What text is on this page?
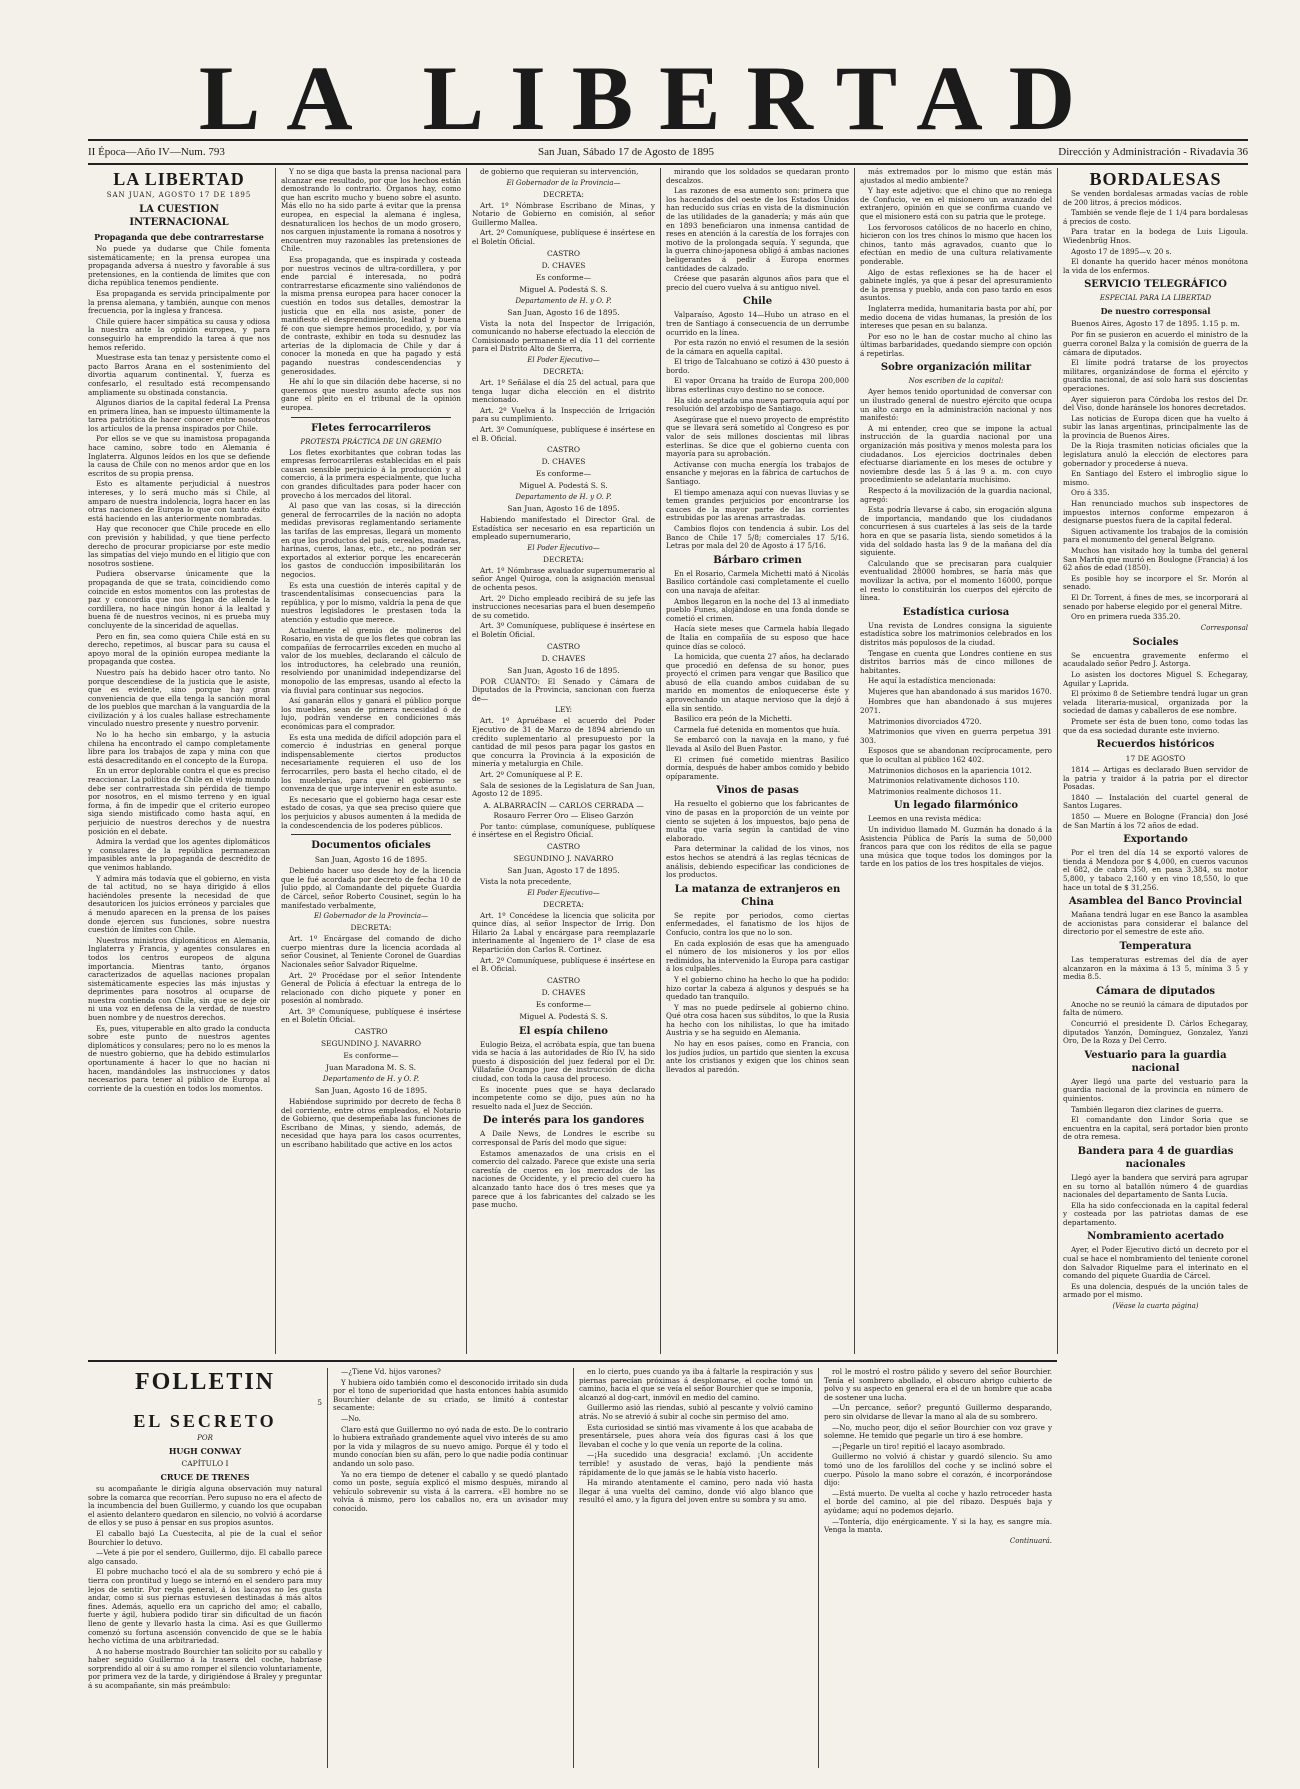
LA LIBERTAD
II Época—Año IV—Num. 793	San Juan, Sábado 17 de Agosto de 1895	Dirección y Administración - Rivadavia 36
LA LIBERTAD
SAN JUAN, AGOSTO 17 DE 1895
LA CUESTION INTERNACIONAL
Propaganda que debe contrarrestarse

No puede ya dudarse que Chile fomenta sistemáticamente; en la prensa europea una propaganda adversa á nuestro y favorable á sus pretensiones, en la contienda de límites que con dicha república tenemos pendiente.

Esa propaganda es servida principalmente por la prensa alemana, y también, aunque con menos frecuencia, por la inglesa y francesa.

Chile quiere hacer simpática su causa y odiosa la nuestra ante la opinión europea, y para conseguirlo ha emprendido la tarea á que nos hemos referido.

Muestrase esta tan tenaz y persistente como el pacto Barros Arana en el sostenimiento del divortia aquarum continental. Y, fuerza es confesarlo, el resultado está recompensando ampliamente su obstinada constancia.

Algunos diarios de la capital federal La Prensa en primera línea, han se impuesto últimamente la tarea patriótica de hacer conocer entre nosotros los artículos de la prensa inspirados por Chile.

Por ellos se ve que su inamistosa propaganda hace camino, sobre todo en Alemania é Inglaterra. Algunos leídos en los que se defiende la causa de Chile con no menos ardor que en los escritos de su propia prensa.

Esto es altamente perjudicial á nuestros intereses, y lo será mucho más si Chile, al amparo de nuestra indolencia, logra hacer en las otras naciones de Europa lo que con tanto éxito está haciendo en las anteriormente nombradas.

Hay que reconocer que Chile procede en ello con previsión y habilidad, y que tiene perfecto derecho de procurar propiciarse por este medio las simpatías del viejo mundo en el litigio que con nosotros sostiene.

Pudiera observarse únicamente que la propaganda de que se trata, coincidiendo como coincide en estos momentos con las protestas de paz y concordia que nos llegan de allende la cordillera, no hace ningún honor á la lealtad y buena fé de nuestros vecinos, ni es prueba muy concluyente de la sinceridad de aquellas.

Pero en fin, sea como quiera Chile está en su derecho, repetimos, al buscar para su causa el apoyo moral de la opinión europea mediante la propaganda que costea.

Nuestro país ha debido hacer otro tanto. No porque descendiese de la justicia que le asiste, que es evidente, sino porque hay gran conveniencia de que ella tenga la sanción moral de los pueblos que marchan á la vanguardia de la civilización y á los cuales hallase estrechamente vinculado nuestro presente y nuestro porvenir.

No lo ha hecho sin embargo, y la astucia chilena ha encontrado el campo completamente libre para los trabajos de zapa y mina con que está desacreditando en el concepto de la Europa.

En un error deplorable contra el que es preciso reaccionar. La política de Chile en el viejo mundo debe ser contrarrestada sin pérdida de tiempo por nosotros, en el mismo terreno y en igual forma, á fin de impedir que el criterio europeo siga siendo mistificado como hasta aquí, en perjuicio de nuestros derechos y de nuestra posición en el debate.

Admira la verdad que los agentes diplomáticos y consulares de la república permanezcan impasibles ante la propaganda de descrédito de que venimos hablando.

Y admira más todavía que el gobierno, en vista de tal actitud, no se haya dirigido á ellos haciéndoles presente la necesidad de que desautoricen los juicios erróneos y parciales que á menudo aparecen en la prensa de los países donde ejercen sus funciones, sobre nuestra cuestión de límites con Chile.

Nuestros ministros diplomáticos en Alemania, Inglaterra y Francia, y agentes consulares en todos los centros europeos de alguna importancia. Mientras tanto, órganos caracterizados de aquellas naciones propalan sistemáticamente especies las más injustas y deprimentes para nosotros al ocuparse de nuestra contienda con Chile, sin que se deje oir ni una voz en defensa de la verdad, de nuestro buen nombre y de nuestros derechos.

Es, pues, vituperable en alto grado la conducta sobre este punto de nuestros agentes diplomáticos y consulares; pero no lo es menos la de nuestro gobierno, que ha debido estimularlos oportunamente á hacer lo que no hacían ni hacen, mandándoles las instrucciones y datos necesarios para tener al público de Europa al corriente de la cuestión en todos los momentos.

Y no se diga que basta la prensa nacional para alcanzar ese resultado, por que los hechos están demostrando lo contrario. Órganos hay, como que han escrito mucho y bueno sobre el asunto. Más ello no ha sido parte á evitar que la prensa europea, en especial la alemana é inglesa, desnaturalicen los hechos de un modo grosero, nos carguen injustamente la romana á nosotros y encuentren muy razonables las pretensiones de Chile.

Esa propaganda, que es inspirada y costeada por nuestros vecinos de ultra-cordillera, y por ende parcial é interesada, no podrá contrarrestarse eficazmente sino valiéndonos de la misma prensa europea para hacer conocer la cuestión en todos sus detalles, demostrar la justicia que en ella nos asiste, poner de manifiesto el desprendimiento, lealtad y buena fé con que siempre hemos procedido, y, por vía de contraste, exhibir en toda su desnudez las arterias de la diplomacia de Chile y dar á conocer la moneda en que ha pagado y está pagando nuestras condescendencias y generosidades.

He ahí lo que sin dilación debe hacerse, si no queremos que nuestro asunto afecte sus nos gane el pleito en el tribunal de la opinión europea.

Fletes ferrocarrileros
PROTESTA PRÁCTICA DE UN GREMIO

Los fletes exorbitantes que cobran todas las empresas ferrocarrileras establecidas en el país causan sensible perjuicio á la producción y al comercio, á la primera especialmente, que lucha con grandes dificultades para poder hacer con provecho á los mercados del litoral.

Al paso que van las cosas, si la dirección general de ferrocarriles de la nación no adopta medidas previsoras reglamentando seriamente las tarifas de las empresas, llegará un momento en que los productos del país, cereales, maderas, harinas, cueros, lanas, etc., etc., no podrán ser exportados al exterior porque les encarecerán los gastos de conducción imposibilitarán los negocios.

Es esta una cuestión de interés capital y de trascendentalísimas consecuencias para la república, y por lo mismo, valdría la pena de que nuestros legisladores le prestasen toda la atención y estudio que merece.

Actualmente el gremio de molineros del Rosario, en vista de que los fletes que cobran las compañías de ferrocarriles exceden en mucho al valor de los muebles, declarando el cálculo de los introductores, ha celebrado una reunión, resolviendo por unanimidad independizarse del monopolio de las empresas, usando al efecto la vía fluvial para continuar sus negocios.

Así ganarán ellos y ganará el público porque los muebles, sean de primera necesidad ó de lujo, podrán venderse en condiciones más económicas para el comprador.

Es esta una medida de difícil adopción para el comercio é industrias en general porque indispensablemente ciertos productos necesariamente requieren el uso de los ferrocarriles, pero basta el hecho citado, el de los mueblerías, para que el gobierno se convenza de que urge intervenir en este asunto.

Es necesario que el gobierno haga cesar este estado de cosas, ya que sea preciso quiere que los perjuicios y abusos aumenten á la medida de la condescendencia de los poderes públicos.

Documentos oficiales
San Juan, Agosto 16 de 1895.

Debiendo hacer uso desde hoy de la licencia que le fué acordada por decreto de fecha 10 de Julio ppdo, al Comandante del piquete Guardia de Cárcel, señor Roberto Cousinet, según lo ha manifestado verbalmente,

El Gobernador de la Provincia—
DECRETA:

Art. 1º Encárgase del comando de dicho cuerpo mientras dure la licencia acordada al señor Cousinet, al Teniente Coronel de Guardias Nacionales señor Salvador Riquelme.

Art. 2º Procédase por el señor Intendente General de Policía á efectuar la entrega de lo relacionado con dicho piquete y poner en posesión al nombrado.

Art. 3º Comuníquese, publíquese é insértese en el Boletín Oficial.

CASTRO
SEGUNDINO J. NAVARRO
Es conforme—
Juan Maradona M. S. S.
Departamento de H. y O. P.
San Juan, Agosto 16 de 1895.

Habiéndose suprimido por decreto de fecha 8 del corriente, entre otros empleados, el Notario de Gobierno, que desempeñaba las funciones de Escribano de Minas, y siendo, además, de necesidad que haya para los casos ocurrentes, un escribano habilitado que active en los actos

de gobierno que requieran su intervención,

El Gobernador de la Provincia—
DECRETA:

Art. 1º Nómbrase Escribano de Minas, y Notario de Gobierno en comisión, al señor Guillermo Mallea.

Art. 2º Comuníquese, publíquese é insértese en el Boletín Oficial.

CASTRO
D. CHAVES
Es conforme—
Miguel A. Podestá S. S.
Departamento de H. y O. P.
San Juan, Agosto 16 de 1895.

Vista la nota del Inspector de Irrigación, comunicando no haberse efectuado la elección de Comisionado permanente el día 11 del corriente para el Distrito Alto de Sierra,

El Poder Ejecutivo—
DECRETA:

Art. 1º Señálase el día 25 del actual, para que tenga lugar dicha elección en el distrito mencionado.

Art. 2º Vuelva á la Inspección de Irrigación para su cumplimiento.

Art. 3º Comuníquese, publíquese é insértese en el B. Oficial.

CASTRO
D. CHAVES
Es conforme—
Miguel A. Podestá S. S.
Departamento de H. y O. P.
San Juan, Agosto 16 de 1895.

Habiendo manifestado el Director Gral. de Estadística ser necesario en esa repartición un empleado supernumerario,

El Poder Ejecutivo—
DECRETA:

Art. 1º Nómbrase avaluador supernumerario al señor Angel Quiroga, con la asignación mensual de ochenta pesos.

Art. 2º Dicho empleado recibirá de su jefe las instrucciones necesarias para el buen desempeño de su cometido.

Art. 3º Comuníquese, publíquese é insértese en el Boletín Oficial.

CASTRO
D. CHAVES
San Juan, Agosto 16 de 1895.

POR CUANTO: El Senado y Cámara de Diputados de la Provincia, sancionan con fuerza de—

LEY:

Art. 1º Apruébase el acuerdo del Poder Ejecutivo de 31 de Marzo de 1894 abriendo un crédito suplementario al presupuesto por la cantidad de mil pesos para pagar los gastos en que concurra la Provincia á la exposición de minería y metalurgia en Chile.

Art. 2º Comuníquese al P. E.

Sala de sesiones de la Legislatura de San Juan, Agosto 12 de 1895.

A. ALBARRACÍN — CARLOS CERRADA — Rosauro Ferrer Oro — Eliseo Garzón

Por tanto: cúmplase, comuníquese, publíquese é insértese en el Registro Oficial.

CASTRO
SEGUNDINO J. NAVARRO
San Juan, Agosto 17 de 1895.

Vista la nota precedente,

El Poder Ejecutivo—
DECRETA:

Art. 1º Concédese la licencia que solicita por quince días, al señor Inspector de Irrig. Don Hilario 2a Labal y encárgase para reemplazarle interinamente al Ingeniero de 1ª clase de esa Repartición don Carlos R. Cortinez.

Art. 2º Comuníquese, publíquese é insértese en el B. Oficial.

CASTRO
D. CHAVES
Es conforme—
Miguel A. Podestá S. S.
El espía chileno

Eulogio Beiza, el acróbata espía, que tan buena vida se hacía á las autoridades de Río IV, ha sido puesto á disposición del juez federal por el Dr. Villafañe Ocampo juez de instrucción de dicha ciudad, con toda la causa del proceso.

Es inocente pues que se haya declarado incompetente como se dijo, pues aún no ha resuelto nada el Juez de Sección.

De interés para los gandores

A Daile News, de Londres le escribe su corresponsal de París del modo que sigue:

Estamos amenazados de una crisis en el comercio del calzado. Parece que existe una seria carestía de cueros en los mercados de las naciones de Occidente, y el precio del cuero ha alcanzado tanto hace dos ó tres meses que ya parece que á los fabricantes del calzado se les pase mucho.

mirando que los soldados se quedaran pronto descalzos.

Las razones de esa aumento son: primera que los hacendados del oeste de los Estados Unidos han reducido sus crías en vista de la disminución de las utilidades de la ganadería; y más aún que en 1893 beneficiaron una inmensa cantidad de reses en atención á la carestía de los forrajes con motivo de la prolongada sequía. Y segunda, que la guerra chino-japonesa obligó á ambas naciones beligerantes á pedir á Europa enormes cantidades de calzado.

Créese que pasarán algunos años para que el precio del cuero vuelva á su antiguo nivel.

Chile

Valparaíso, Agosto 14—Hubo un atraso en el tren de Santiago á consecuencia de un derrumbe ocurrido en la línea.

Por esta razón no envió el resumen de la sesión de la cámara en aquella capital.

El trigo de Talcahuano se cotizó á 430 puesto á bordo.

El vapor Orcana ha traído de Europa 200,000 libras esterlinas cuyo destino no se conoce.

Ha sido aceptada una nueva parroquia aquí por resolución del arzobispo de Santiago.

Asegúrase que el nuevo proyecto de empréstito que se llevará será sometido al Congreso es por valor de seis millones doscientas mil libras esterlinas. Se dice que el gobierno cuenta con mayoría para su aprobación.

Actívanse con mucha energía los trabajos de ensanche y mejoras en la fábrica de cartuchos de Santiago.

El tiempo amenaza aquí con nuevas lluvias y se temen grandes perjuicios por encontrarse los cauces de la mayor parte de las corrientes estrubidas por las arenas arrastradas.

Cambios flojos con tendencia á subir. Los del Banco de Chile 17 5/8; comerciales 17 5/16. Letras por mala del 20 de Agosto á 17 5/16.

Bárbaro crimen

En el Rosario, Carmela Michetti mató á Nicolás Basilico cortándole casi completamente el cuello con una navaja de afeitar.

Ambos llegaron en la noche del 13 al inmediato pueblo Funes, alojándose en una fonda donde se cometió el crimen.

Hacía siete meses que Carmela había llegado de Italia en compañía de su esposo que hace quince días se colocó.

La homicida, que cuenta 27 años, ha declarado que procedió en defensa de su honor, pues proyectó el crimen para vengar que Basilico que abusó de ella cuando ambos cuidaban de su marido en momentos de enloquecerse éste y aprovechando un ataque nervioso que la dejó á ella sin sentido.

Basilico era peón de la Michetti.

Carmela fué detenida en momentos que huía.

Se embarcó con la navaja en la mano, y fué llevada al Asilo del Buen Pastor.

El crimen fué cometido mientras Basilico dormía, después de haber ambos comido y bebido opíparamente.

Vinos de pasas

Ha resuelto el gobierno que los fabricantes de vino de pasas en la proporción de un veinte por ciento se sujeten á los impuestos, bajo pena de multa que varía según la cantidad de vino elaborado.

Para determinar la calidad de los vinos, nos estos hechos se atendrá á las reglas técnicas de análisis, debiendo especificar las condiciones de los productos.

La matanza de extranjeros en China

Se repite por periodos, como ciertas enfermedades, el fanatismo de los hijos de Confucio, contra los que no lo son.

En cada explosión de esas que ha amenguado el número de los misioneros y los por ellos redimidos, ha intervenido la Europa para castigar á los culpables.

Y el gobierno chino ha hecho lo que ha podido: hizo cortar la cabeza á algunos y después se ha quedado tan tranquilo.

Y mas no puede pedírsele al gobierno chino. Qué otra cosa hacen sus súbditos, lo que la Rusia ha hecho con los nihilistas, lo que ha imitado Austria y se ha seguido en Alemania.

No hay en esos países, como en Francia, con los judíos judíos, un partido que sienten la excusa ante los cristianos y exigen que los chinos sean llevados al paredón.

más extremados por lo mismo que están más ajustados al medio ambiente?

Y hay este adjetivo: que el chino que no reniega de Confucio, ve en el misionero un avanzado del extranjero, opinión en que se confirma cuando ve que el misionero está con su patria que le protege.

Los fervorosos católicos de no hacerlo en chino, hicieron con los tres chinos lo mismo que hacen los chinos, tanto más agravados, cuanto que lo efectúan en medio de una cultura relativamente ponderable.

Algo de estas reflexiones se ha de hacer el gabinete inglés, ya que á pesar del apresuramiento de la prensa y pueblo, anda con paso tardo en esos asuntos.

Inglaterra medida, humanitaria basta por ahí, por medio docena de vidas humanas, la presión de los intereses que pesan en su balanza.

Por eso no le han de costar mucho al chino las últimas barbaridades, quedando siempre con opción á repetirlas.

Sobre organización militar
Nos escriben de la capital:

Ayer hemos tenido oportunidad de conversar con un ilustrado general de nuestro ejército que ocupa un alto cargo en la administración nacional y nos manifestó:

A mi entender, creo que se impone la actual instrucción de la guardia nacional por una organización más positiva y menos molesta para los ciudadanos. Los ejercicios doctrinales deben efectuarse diariamente en los meses de octubre y noviembre desde las 5 á las 9 a. m. con cuyo procedimiento se adelantaría muchísimo.

Respecto á la movilización de la guardia nacional, agregó:

Esta podría llevarse á cabo, sin erogación alguna de importancia, mandando que los ciudadanos concurriesen á sus cuarteles á las seis de la tarde hora en que se pasaría lista, siendo sometidos á la vida del soldado hasta las 9 de la mañana del día siguiente.

Calculando que se precisaran para cualquier eventualidad 28000 hombres, se haría más que movilizar la activa, por el momento 16000, porque el resto lo constituirán los cuerpos del ejército de línea.

Estadística curiosa

Una revista de Londres consigna la siguiente estadística sobre los matrimonios celebrados en los distritos más populosos de la ciudad.

Tengase en cuenta que Londres contiene en sus distritos barrios más de cinco millones de habitantes.

He aquí la estadística mencionada:

Mujeres que han abandonado á sus maridos 1670.

Hombres que han abandonado á sus mujeres 2071.

Matrimonios divorciados 4720.

Matrimonios que viven en guerra perpetua 391 303.

Esposos que se abandonan recíprocamente, pero que lo ocultan al público 162 402.

Matrimonios dichosos en la apariencia 1012.

Matrimonios relativamente dichosos 110.

Matrimonios realmente dichosos 11.

Un legado filarmónico

Leemos en una revista médica:

Un individuo llamado M. Guzmán ha donado á la Asistencia Pública de París la suma de 50,000 francos para que con los réditos de ella se pague una música que toque todos los domingos por la tarde en los patios de los tres hospitales de viejos.

BORDALESAS

Se venden bordalesas armadas vacías de roble de 200 litros, á precios módicos.

También se vende fleje de 1 1/4 para bordalesas á precios de costo.

Para tratar en la bodega de Luis Ligoula. Wiedenbrüg Hnos.

Agosto 17 de 1895—v. 20 s.

El donante ha querido hacer ménos monótona la vida de los enfermos.

SERVICIO TELEGRÁFICO
ESPECIAL PARA LA LIBERTAD
De nuestro corresponsal
Buenos Aires, Agosto 17 de 1895. 1.15 p. m.

Por fin se pusieron en acuerdo el ministro de la guerra coronel Balza y la comisión de guerra de la cámara de diputados.

El límite podrá tratarse de los proyectos militares, organizándose de forma el ejército y guardia nacional, de así solo hará sus doscientas operaciones.

Ayer siguieron para Córdoba los restos del Dr. del Viso, donde haránsele los honores decretados.

Las noticias de Europa dicen que ha vuelto á subir las lanas argentinas, principalmente las de la provincia de Buenos Aires.

De la Rioja trasmiten noticias oficiales que la legislatura anuló la elección de electores para gobernador y procederse á nueva.

En Santiago del Estero el imbroglio sigue lo mismo.

Oro á 335.

Han renunciado muchos sub inspectores de impuestos internos conforme empezaron á designarse puestos fuera de la capital federal.

Siguen activamente los trabajos de la comisión para el monumento del general Belgrano.

Muchos han visitado hoy la tumba del general San Martín que murió en Boulogne (Francia) á los 62 años de edad (1850).

Es posible hoy se incorpore el Sr. Morón al senado.

El Dr. Torrent, á fines de mes, se incorporará al senado por haberse elegido por el general Mitre.

Oro en primera rueda 335.20.

Corresponsal
Sociales

Se encuentra gravemente enfermo el acaudalado señor Pedro J. Astorga.

Lo asisten los doctores Miguel S. Echegaray, Aguilar y Laprida.

El próximo 8 de Setiembre tendrá lugar un gran velada literaria-musical, organizada por la sociedad de damas y caballeros de ese nombre.

Promete ser ésta de buen tono, como todas las que da esa sociedad durante este invierno.

Recuerdos históricos
17 DE AGOSTO

1814 — Artigas es declarado Buen servidor de la patria y traidor á la patria por el director Posadas.

1840 — Instalación del cuartel general de Santos Lugares.

1850 — Muere en Bologne (Francia) don José de San Martín á los 72 años de edad.

Exportando

Por el tren del día 14 se exportó valores de tienda á Mendoza por $ 4,000, en cueros vacunos el 682, de cabra 350, en pasa 3,384, su motor 5,800, y tabaco 2,160 y en vino 18,550, lo que hace un total de $ 31,256.

Asamblea del Banco Provincial

Mañana tendrá lugar en ese Banco la asamblea de accionistas para considerar el balance del directorio por el semestre de este año.

Temperatura

Las temperaturas estremas del día de ayer alcanzaron en la máxima á 13 5, mínima 3 5 y media 8.5.

Cámara de diputados

Anoche no se reunió la cámara de diputados por falta de número.

Concurrió el presidente D. Cárlos Echegaray, diputados Yanzón, Domínguez, Gonzalez, Yanzi Oro, De la Roza y Del Cerro.

Vestuario para la guardia nacional

Ayer llegó una parte del vestuario para la guardia nacional de la provincia en número de quinientos.

También llegaron diez clarines de guerra.

El comandante don Lindor Soria que se encuentra en la capital, será portador bien pronto de otra remesa.

Bandera para 4 de guardias nacionales

Llegó ayer la bandera que servirá para agrupar en su torno al batallón número 4 de guardias nacionales del departamento de Santa Lucía.

Ella ha sido confeccionada en la capital federal y costeada por las patriotas damas de ese departamento.

Nombramiento acertado

Ayer, el Poder Ejecutivo dictó un decreto por el cual se hace el nombramiento del teniente coronel don Salvador Riquelme para el interinato en el comando del piquete Guardia de Cárcel.

Es una dolencia, después de la unción tales de armado por el mismo.

(Véase la cuarta página)
FOLLETIN
5
EL SECRETO
POR
HUGH CONWAY
CAPÍTULO I
CRUCE DE TRENES

su acompañante le dirigía alguna observación muy natural sobre la comarca que recorrían. Pero supuso no era el afecto de la incumbencia del buen Guillermo, y cuando los que ocupaban el asiento delantero quedaron en silencio, no volvió á acordarse de ellos y se puso á pensar en sus propios asuntos.

El caballo bajó La Cuestecita, al pie de la cual el señor Bourchier lo detuvo.

—Vete á pie por el sendero, Guillermo, dijo. El caballo parece algo cansado.

El pobre muchacho tocó el ala de su sombrero y echó pie á tierra con prontitud y luego se internó en el sendero para muy lejos de sentir. Por regla general, á los lacayos no les gusta andar, como si sus piernas estuviesen destinadas á más altos fines. Además, aquello era un capricho del amo; el caballo, fuerte y ágil, hubiera podido tirar sin dificultad de un fiacón lleno de gente y llevarlo hasta la cima. Así es que Guillermo comenzó su fortuna ascensión convencido de que se le había hecho víctima de una arbitrariedad.

A no haberse mostrado Bourchier tan solícito por su caballo y haber seguido Guillermo á la trasera del coche, habríase sorprendido al oir á su amo romper el silencio voluntariamente, por primera vez de la tarde, y dirigiéndose á Braley y preguntar á su acompañante, sin más preámbulo:

—¿Tiene Vd. hijos varones?

Y hubiera oído también como el desconocido irritado sin duda por el tono de superioridad que hasta entonces había asumido Bourchier delante de su criado, se limitó á contestar secamente:

—No.

Claro está que Guillermo no oyó nada de esto. De lo contrario lo hubiera extrañado grandemente aquel vivo interés de su amo por la vida y milagros de su nuevo amigo. Porque él y todo el mundo conocían bien su afán, pero lo que nadie podía continuar andando un solo paso.

Ya no era tiempo de detener el caballo y se quedó plantado como un poste, seguía explicó el mismo después, mirando al vehículo sobrevenir su vista á la carrera. «El hombre no se volvía á mismo, pero los caballos no, era un avisador muy conocido.

en lo cierto, pues cuando ya iba á faltarle la respiración y sus piernas parecían próximas á desplomarse, el coche tomó un camino, hacia el que se veía el señor Bourchier que se imponía, alcanzó al dog-cart, inmóvil en medio del camino.

Guillermo asió las riendas, subió al pescante y volvió camino atrás. No se atrevió á subir al coche sin permiso del amo.

Esta curiosidad se sintió mas vivamente á los que acababa de presentársele, pues ahora veía dos figuras casi á los que llevaban el coche y lo que venía un reporte de la colina.

—¡Ha sucedido una desgracia! exclamó. ¡Un accidente terrible! y asustado de veras, bajó la pendiente más rápidamente de lo que jamás se le había visto hacerlo.

Ha mirando atentamente el camino, pero nada vió hasta llegar á una vuelta del camino, donde vió algo blanco que resultó el amo, y la figura del joven entre su sombra y su amo.

rol le mostró el rostro pálido y severo del señor Bourchier. Tenía el sombrero abollado, el obscuro abrigo cubierto de polvo y su aspecto en general era el de un hombre que acaba de sostener una lucha.

—Un percance, señor? preguntó Guillermo desparando, pero sin olvidarse de llevar la mano al ala de su sombrero.

—No, mucho peor, dijo el señor Bourchier con voz grave y solemne. He temido que pegarle un tiro á ese hombre.

—¡Pegarle un tiro! repitió el lacayo asombrado.

Guillermo no volvió á chistar y guardó silencio. Su amo tomó uno de los farolillos del coche y se inclinó sobre el cuerpo. Púsolo la mano sobre el corazón, é incorporándose dijo:

—Está muerto. De vuelta al coche y hazlo retroceder hasta el borde del camino, al pie del ribazo. Después baja y ayúdame; aquí no podemos dejarlo.

—Tontería, dijo enérgicamente. Y si la hay, es sangre mía. Venga la manta.

Continuará.
